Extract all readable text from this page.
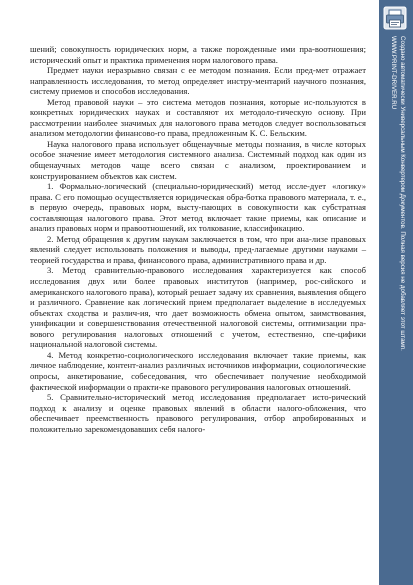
шений; совокупность юридических норм, а также порожденные ими пра-воотношения; исторический опыт и практика применения норм налогового права.

Предмет науки неразрывно связан с ее методом познания. Если пред-мет отражает направленность исследования, то метод определяет инстру-ментарий научного познания, систему приемов и способов исследования.

Метод правовой науки – это система методов познания, которые ис-пользуются в конкретных юридических науках и составляют их методоло-гическую основу. При рассмотрении наиболее значимых для налогового права методов следует воспользоваться анализом методологии финансово-го права, предложенным К. С. Бельским.

Наука налогового права использует общенаучные методы познания, в числе которых особое значение имеет методология системного анализа. Системный подход как один из общенаучных методов чаще всего связан с анализом, проектированием и конструированием объектов как систем.

1. Формально-логический (специально-юридический) метод иссле-дует «логику» права. С его помощью осуществляется юридическая обра-ботка правового материала, т. е., в первую очередь, правовых норм, высту-пающих в совокупности как субстратная составляющая налогового права. Этот метод включает такие приемы, как описание и анализ правовых норм и правоотношений, их толкование, классификацию.

2. Метод обращения к другим наукам заключается в том, что при ана-лизе правовых явлений следует использовать положения и выводы, пред-лагаемые другими науками – теорией государства и права, финансового права, административного права и др.

3. Метод сравнительно-правового исследования характеризуется как способ исследования двух или более правовых институтов (например, рос-сийского и американского налогового права), который решает задачу их сравнения, выявления общего и различного. Сравнение как логический прием предполагает выделение в исследуемых объектах сходства и различ-ия, что дает возможность обмена опытом, заимствования, унификации и совершенствования отечественной налоговой системы, оптимизации пра-вового регулирования налоговых отношений с учетом, естественно, спе-цифики национальной налоговой системы.

4. Метод конкретно-социологического исследования включает такие приемы, как личное наблюдение, контент-анализ различных источников информации, социологические опросы, анкетирование, собеседования, что обеспечивает получение необходимой фактической информации о практи-ке правового регулирования налоговых отношений.

5. Сравнительно-исторический метод исследования предполагает исто-рический подход к анализу и оценке правовых явлений в области налого-обложения, что обеспечивает преемственность правового регулирования, отбор апробированных и положительно зарекомендовавших себя налого-

Создано автоматически Универсальным Конвертером Документов. Полная версия не добавляет этот штамп.
WWW.PRINT-DRIVER.RU
